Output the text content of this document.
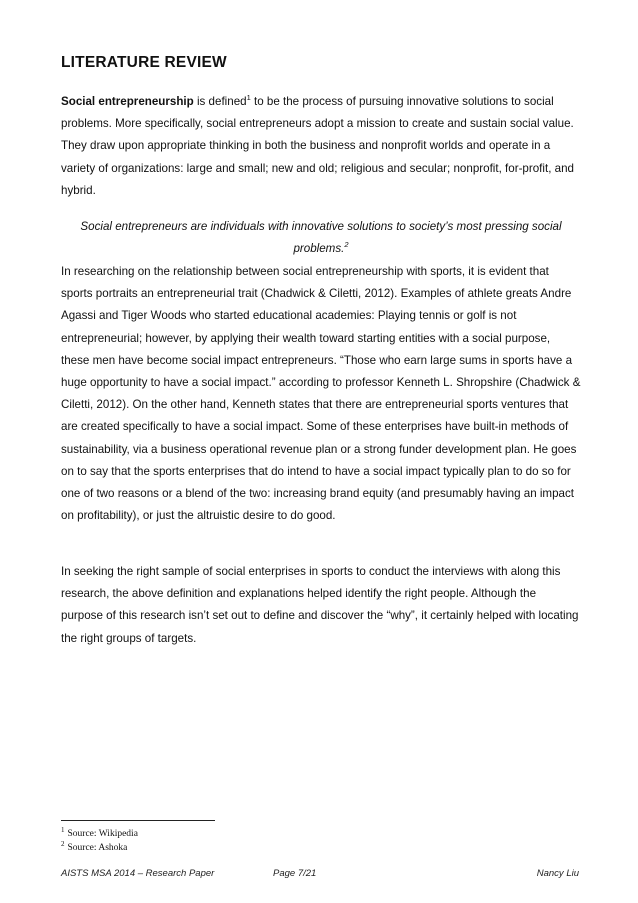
LITERATURE REVIEW

Social entrepreneurship is defined$^1$ to be the process of pursuing innovative solutions to social problems. More specifically, social entrepreneurs adopt a mission to create and sustain social value. They draw upon appropriate thinking in both the business and nonprofit worlds and operate in a variety of organizations: large and small; new and old; religious and secular; nonprofit, for-profit, and hybrid.

Social entrepreneurs are individuals with innovative solutions to society’s most pressing social problems.$^2$

In researching on the relationship between social entrepreneurship with sports, it is evident that sports portraits an entrepreneurial trait (Chadwick & Ciletti, 2012). Examples of athlete greats Andre Agassi and Tiger Woods who started educational academies: Playing tennis or golf is not entrepreneurial; however, by applying their wealth toward starting entities with a social purpose, these men have become social impact entrepreneurs. “Those who earn large sums in sports have a huge opportunity to have a social impact.” according to professor Kenneth L. Shropshire (Chadwick & Ciletti, 2012). On the other hand, Kenneth states that there are entrepreneurial sports ventures that are created specifically to have a social impact. Some of these enterprises have built-in methods of sustainability, via a business operational revenue plan or a strong funder development plan. He goes on to say that the sports enterprises that do intend to have a social impact typically plan to do so for one of two reasons or a blend of the two: increasing brand equity (and presumably having an impact on profitability), or just the altruistic desire to do good.

In seeking the right sample of social enterprises in sports to conduct the interviews with along this research, the above definition and explanations helped identify the right people. Although the purpose of this research isn’t set out to define and discover the “why”, it certainly helped with locating the right groups of targets.

$^1$ Source: Wikipedia
$^2$ Source: Ashoka
AISTS MSA 2014 – Research Paper	Page 7/21	Nancy Liu
